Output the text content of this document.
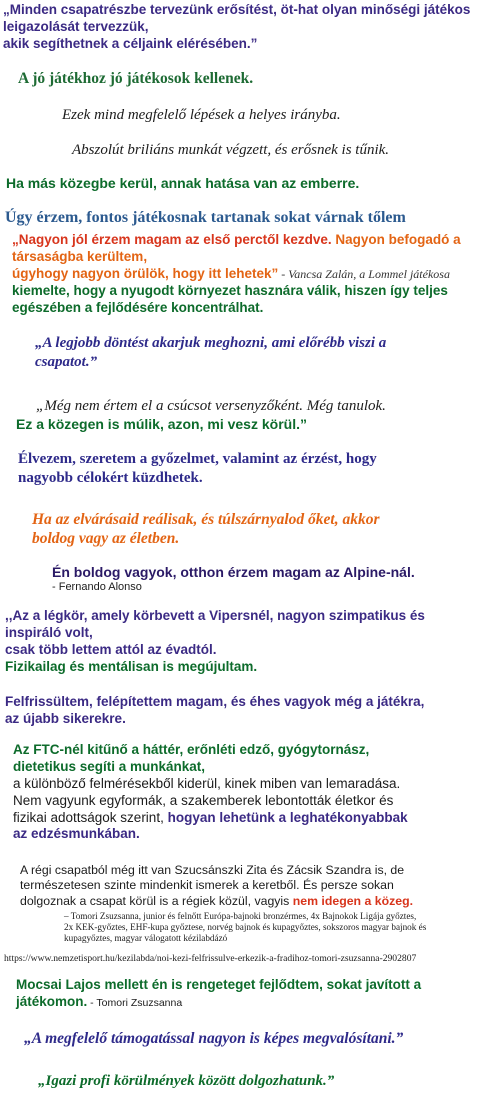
„Minden csapatrészbe tervezünk erősítést, öt-hat olyan minőségi játékos
leigazolását tervezzük,
akik segíthetnek a céljaink elérésében.”
A jó játékhoz jó játékosok kellenek.
Ezek mind megfelelő lépések a helyes irányba.
Abszolút briliáns munkát végzett, és erősnek is tűnik.
Ha más közegbe kerül, annak hatása van az emberre.
Úgy érzem, fontos játékosnak tartanak sokat várnak tőlem
„Nagyon jól érzem magam az első perctől kezdve. Nagyon befogadó a társaságba kerültem,
úgyhogy nagyon örülök, hogy itt lehetek” - Vancsa Zalán, a Lommel játékosa kiemelte, hogy a nyugodt környezet hasznára válik, hiszen így teljes egészében a fejlődésére koncentrálhat.
„A legjobb döntést akarjuk meghozni, ami előrébb viszi a
csapatot.”
„Még nem értem el a csúcsot versenyzőként. Még tanulok.
Ez a közegen is múlik, azon, mi vesz körül.”
Élvezem, szeretem a győzelmet, valamint az érzést, hogy
nagyobb célokért küzdhetek.
Ha az elvárásaid reálisak, és túlszárnyalod őket, akkor
boldog vagy az életben.
Én boldog vagyok, otthon érzem magam az Alpine-nál.
- Fernando Alonso
,,Az a légkör, amely körbevett a Vipersnél, nagyon szimpatikus és
inspiráló volt,
csak több lettem attól az évadtól.
Fizikailag és mentálisan is megújultam.
Felfrissültem, felépítettem magam, és éhes vagyok még a játékra,
az újabb sikerekre.
Az FTC-nél kitűnő a háttér, erőnléti edző, gyógytornász,
dietetikus segíti a munkánkat,
a különböző felmérésekből kiderül, kinek miben van lemaradása.
Nem vagyunk egyformák, a szakemberek lebontották életkor és
fizikai adottságok szerint, hogyan lehetünk a leghatékonyabbak
az edzésmunkában.
A régi csapatból még itt van Szucsánszki Zita és Zácsik Szandra is, de
természetesen szinte mindenkit ismerek a keretből. És persze sokan
dolgoznak a csapat körül is a régiek közül, vagyis nem idegen a közeg.
– Tomori Zsuzsanna, junior és felnőtt Európa-bajnoki bronzérmes, 4x Bajnokok Ligája győztes,
2x KEK-győztes, EHF-kupa győztese, norvég bajnok és kupagyőztes, sokszoros magyar bajnok és
kupagyőztes, magyar válogatott kézilabdázó
https://www.nemzetisport.hu/kezilabda/noi-kezi-felfrissulve-erkezik-a-fradihoz-tomori-zsuzsanna-2902807
Mocsai Lajos mellett én is rengeteget fejlődtem, sokat javított a
játékomon. - Tomori Zsuzsanna
„A megfelelő támogatással nagyon is képes megvalósítani.”
„Igazi profi körülmények között dolgozhatunk.”
